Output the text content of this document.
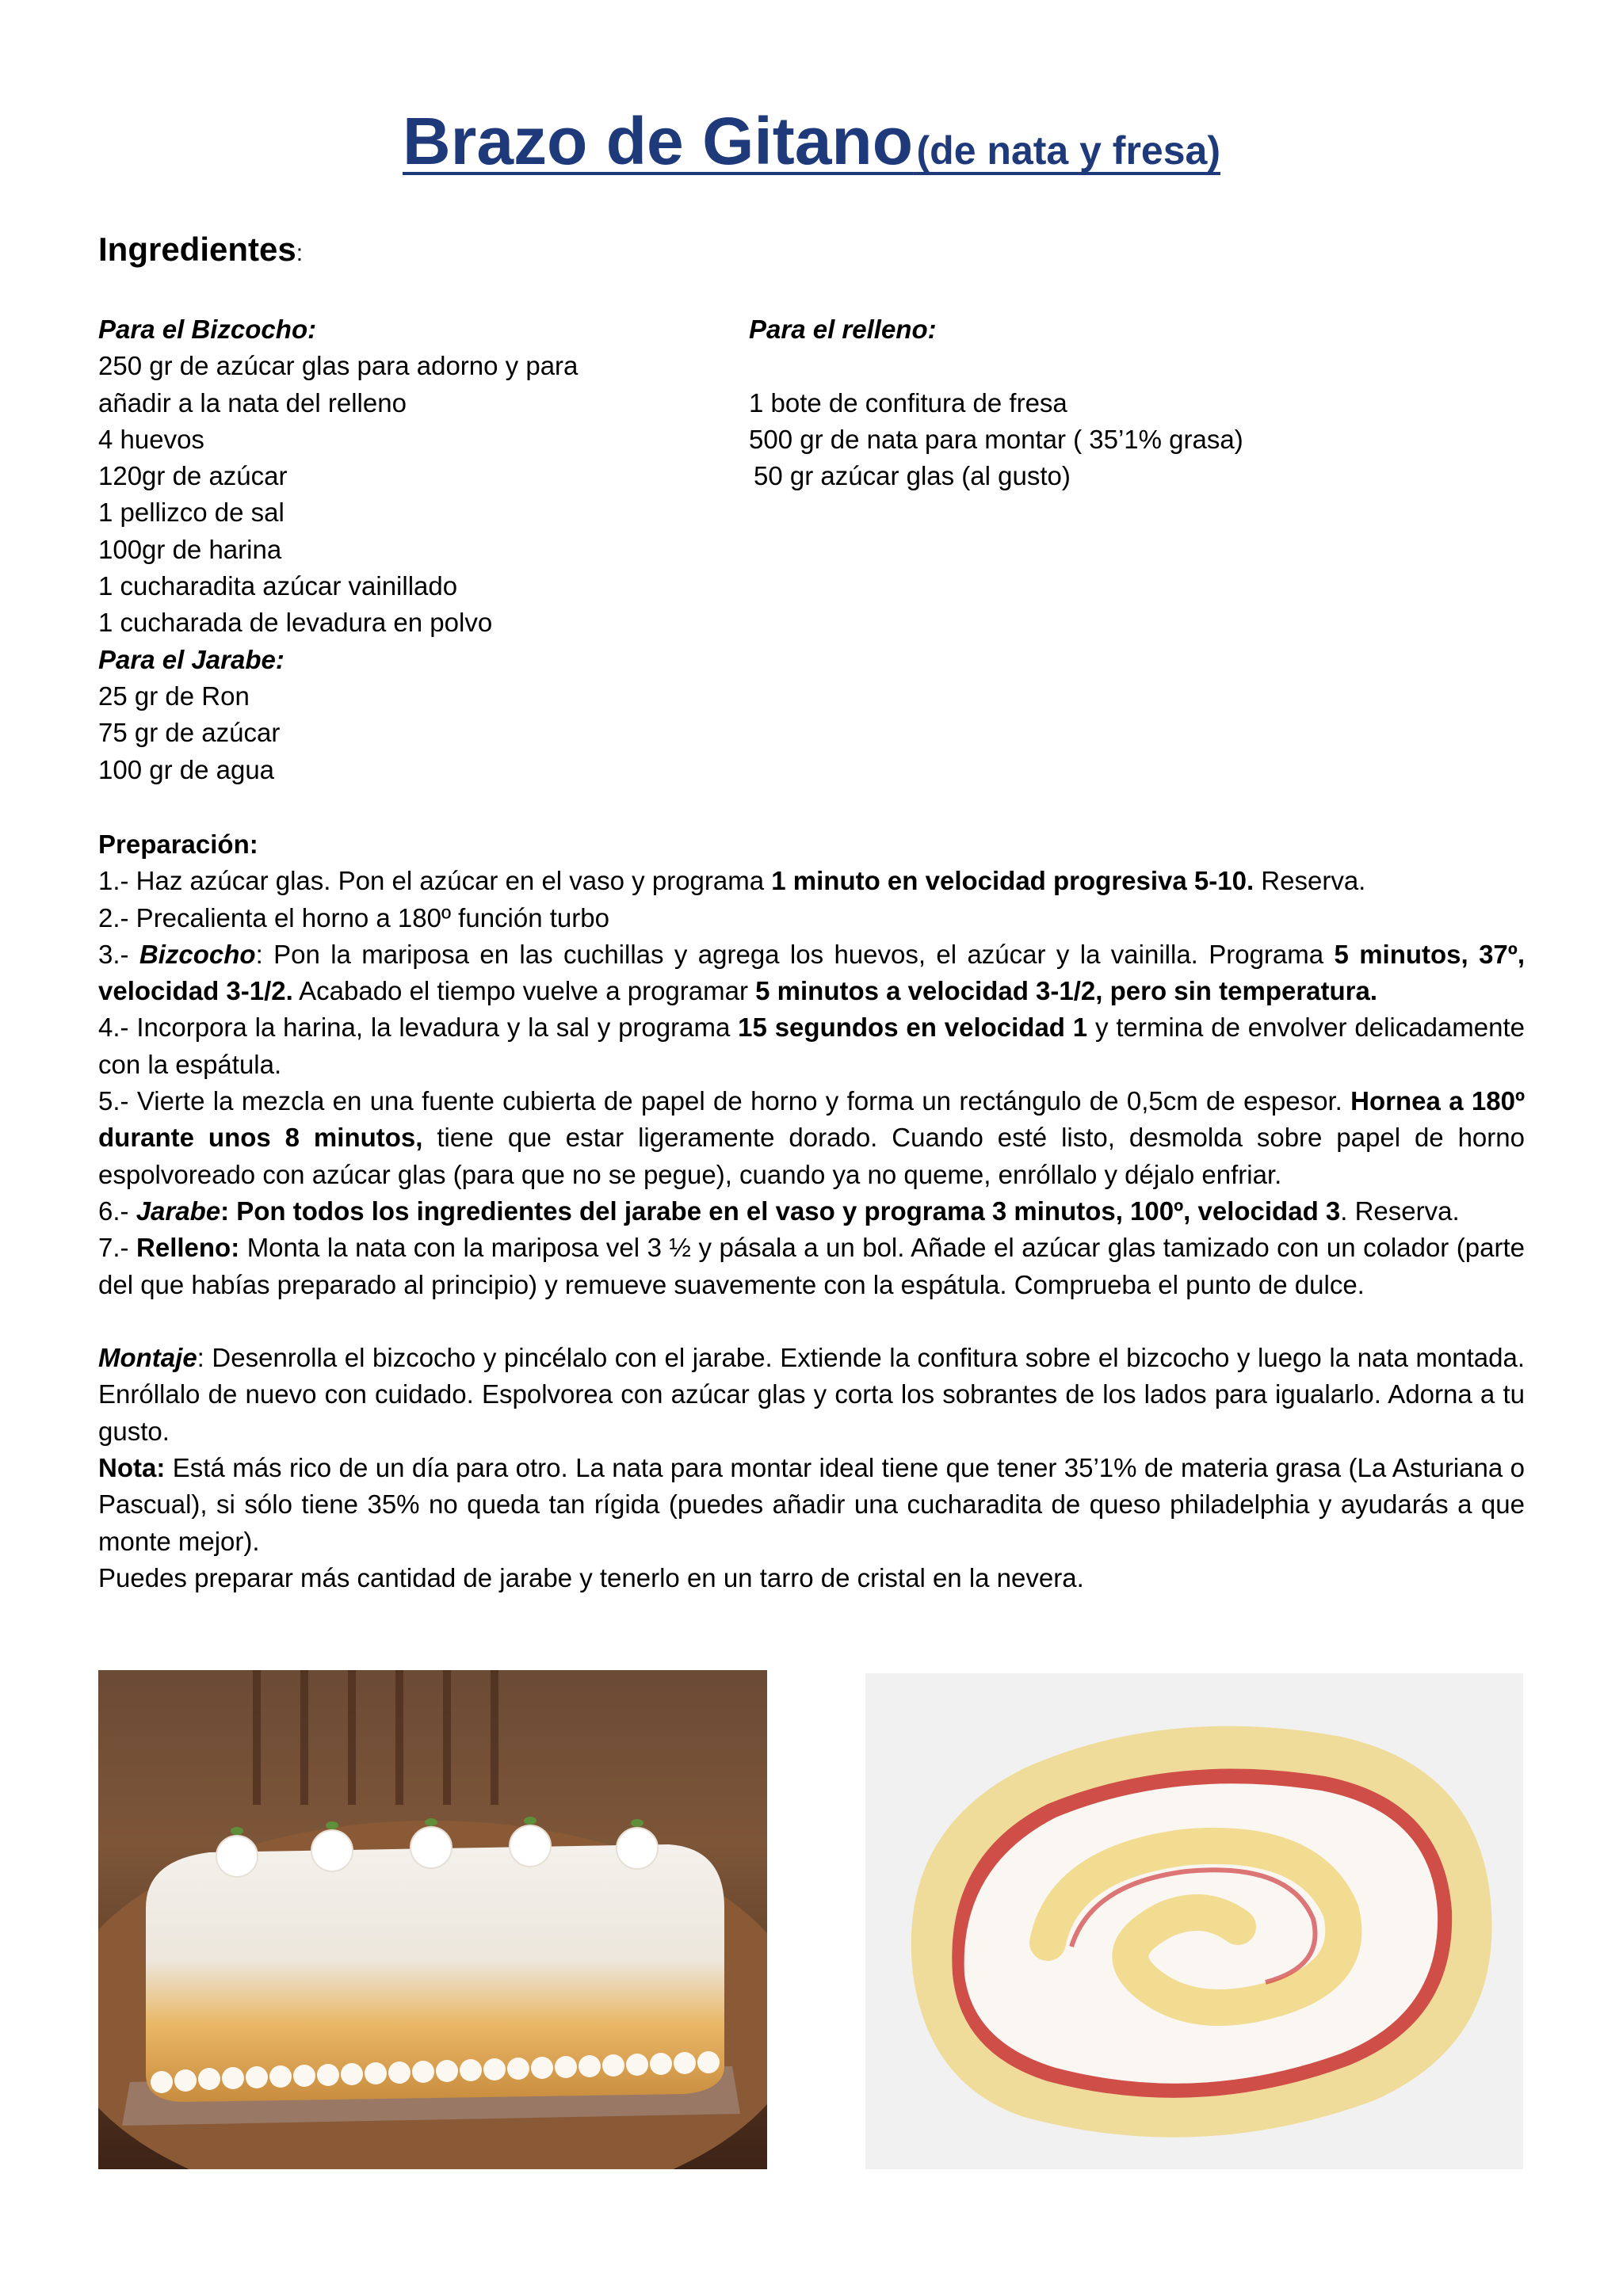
Brazo de Gitano (de nata y fresa)
Ingredientes:
Para el Bizcocho:
250 gr de azúcar glas para adorno y para
añadir a la nata del relleno
4 huevos
120gr de azúcar
1 pellizco de sal
100gr de harina
1 cucharadita azúcar vainillado
1 cucharada de levadura en polvo
Para el Jarabe:
25 gr de Ron
75 gr de azúcar
100 gr de agua
Para el relleno:
1 bote de confitura de fresa
500 gr de nata para montar ( 35’1% grasa)
50 gr azúcar glas (al gusto)

Preparación:

1.- Haz azúcar glas. Pon el azúcar en el vaso y programa 1 minuto en velocidad progresiva 5-10. Reserva.

2.- Precalienta el horno a 180º función turbo

3.- Bizcocho: Pon la mariposa en las cuchillas y agrega los huevos, el azúcar y la vainilla. Programa 5 minutos, 37º, velocidad 3-1/2. Acabado el tiempo vuelve a programar 5 minutos a velocidad 3-1/2, pero sin temperatura.

4.- Incorpora la harina, la levadura y la sal y programa 15 segundos en velocidad 1 y termina de envolver delicadamente con la espátula.

5.- Vierte la mezcla en una fuente cubierta de papel de horno y forma un rectángulo de 0,5cm de espesor. Hornea a 180º durante unos 8 minutos, tiene que estar ligeramente dorado. Cuando esté listo, desmolda sobre papel de horno espolvoreado con azúcar glas (para que no se pegue), cuando ya no queme, enróllalo y déjalo enfriar.

6.- Jarabe: Pon todos los ingredientes del jarabe en el vaso y programa 3 minutos, 100º, velocidad 3. Reserva.

7.- Relleno: Monta la nata con la mariposa vel 3 ½ y pásala a un bol. Añade el azúcar glas tamizado con un colador (parte del que habías preparado al principio) y remueve suavemente con la espátula. Comprueba el punto de dulce.

Montaje: Desenrolla el bizcocho y pincélalo con el jarabe. Extiende la confitura sobre el bizcocho y luego la nata montada. Enróllalo de nuevo con cuidado. Espolvorea con azúcar glas y corta los sobrantes de los lados para igualarlo. Adorna a tu gusto.

Nota: Está más rico de un día para otro. La nata para montar ideal tiene que tener 35’1% de materia grasa (La Asturiana o Pascual), si sólo tiene 35% no queda tan rígida (puedes añadir una cucharadita de queso philadelphia y ayudarás a que monte mejor).

Puedes preparar más cantidad de jarabe y tenerlo en un tarro de cristal en la nevera.
